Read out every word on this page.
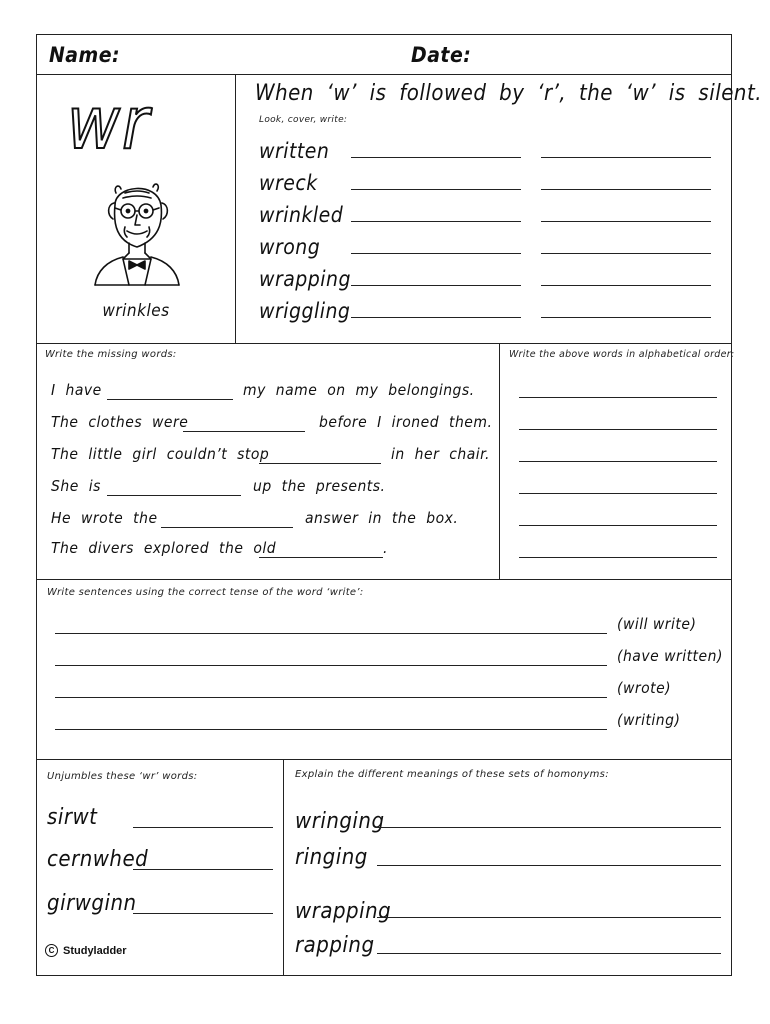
Name:	Date:
wr
wrinkles
When ‘w’ is followed by ‘r’, the ‘w’ is silent.
Look, cover, write:
written
wreck
wrinkled
wrong
wrapping
wriggling
Write the missing words:
I have	my name on my belongings.
The clothes were	before I ironed them.
The little girl couldn’t stop	in her chair.
She is	up the presents.
He wrote the	answer in the box.
The divers explored the old	.
Write the above words in alphabetical order:
Write sentences using the correct tense of the word ‘write’:
(will write)
(have written)
(wrote)
(writing)
Unjumbles these ‘wr’ words:
sirwt
cernwhed
girwginn
C Studyladder
Explain the different meanings of these sets of homonyms:
wringing
ringing
wrapping
rapping
